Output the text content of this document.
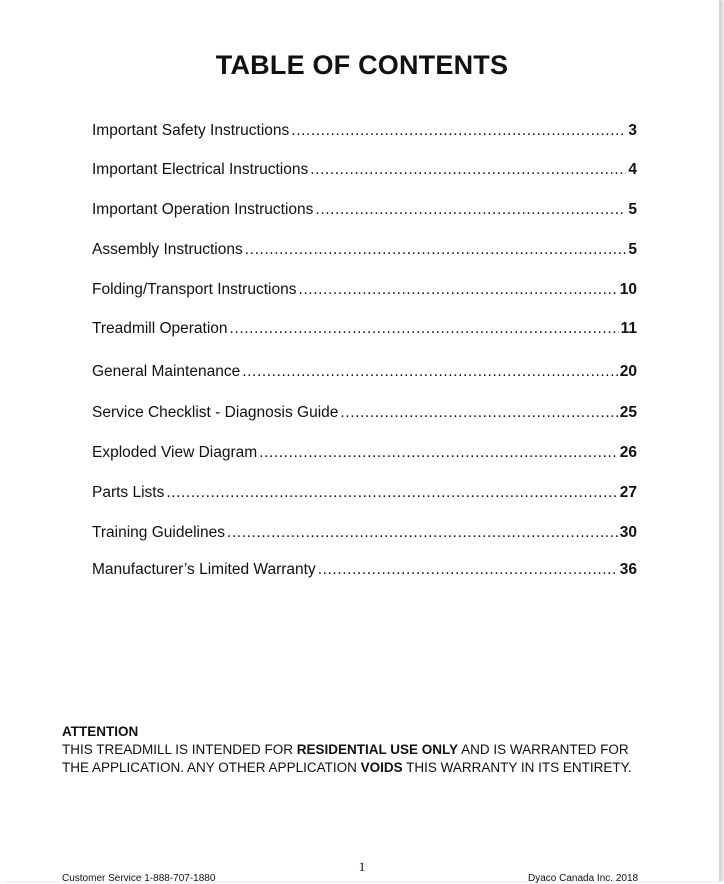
TABLE OF CONTENTS
Important Safety Instructions .....	3
Important Electrical Instructions .....	4
Important Operation Instructions .....	5
Assembly Instructions .....	5
Folding/Transport Instructions .....	10
Treadmill Operation .....	11
General Maintenance .....	20
Service Checklist - Diagnosis Guide .....	25
Exploded View Diagram .....	26
Parts Lists .....	27
Training Guidelines .....	30
Manufacturer’s Limited Warranty .....	36
ATTENTION
THIS TREADMILL IS INTENDED FOR RESIDENTIAL USE ONLY AND IS WARRANTED FOR
THE APPLICATION. ANY OTHER APPLICATION VOIDS THIS WARRANTY IN ITS ENTIRETY.
1
Customer Service 1-888-707-1880	Dyaco Canada Inc. 2018
